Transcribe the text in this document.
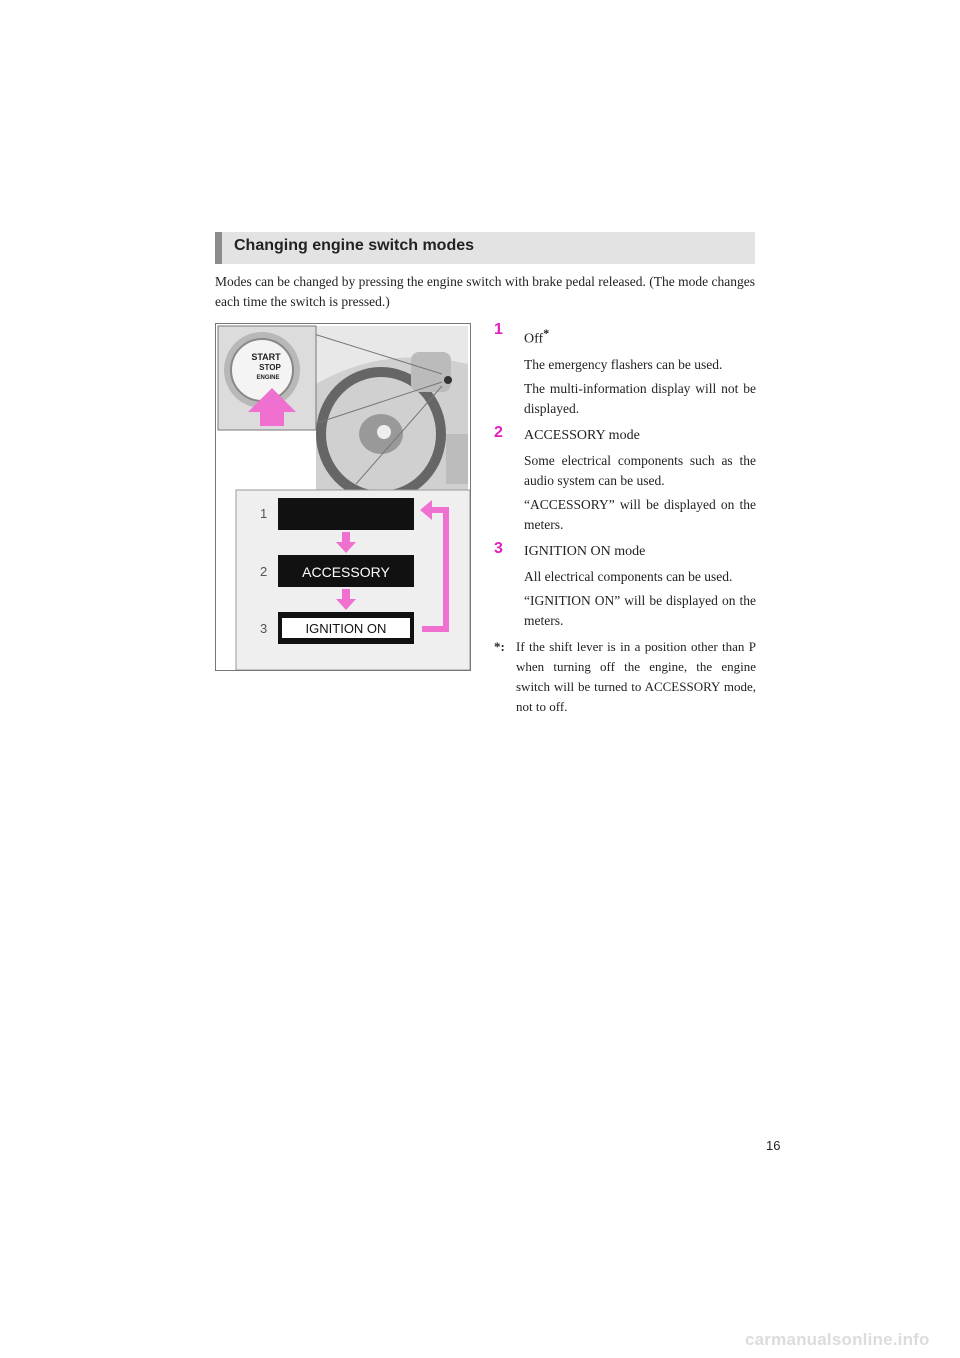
Changing engine switch modes
Modes can be changed by pressing the engine switch with brake pedal released. (The mode changes each time the switch is pressed.)
START
STOP
ENGINE
1
2
3
ACCESSORY
IGNITION ON
1
Off*
The emergency flashers can be used.
The multi-information display will not be displayed.
2 ACCESSORY mode
Some electrical components such as the audio system can be used.
“ACCESSORY” will be displayed on the meters.
3 IGNITION ON mode
All electrical components can be used.
“IGNITION ON” will be displayed on the meters.
*: If the shift lever is in a position other than P when turning off the engine, the engine switch will be turned to ACCESSORY mode, not to off.
16
carmanualsonline.info
